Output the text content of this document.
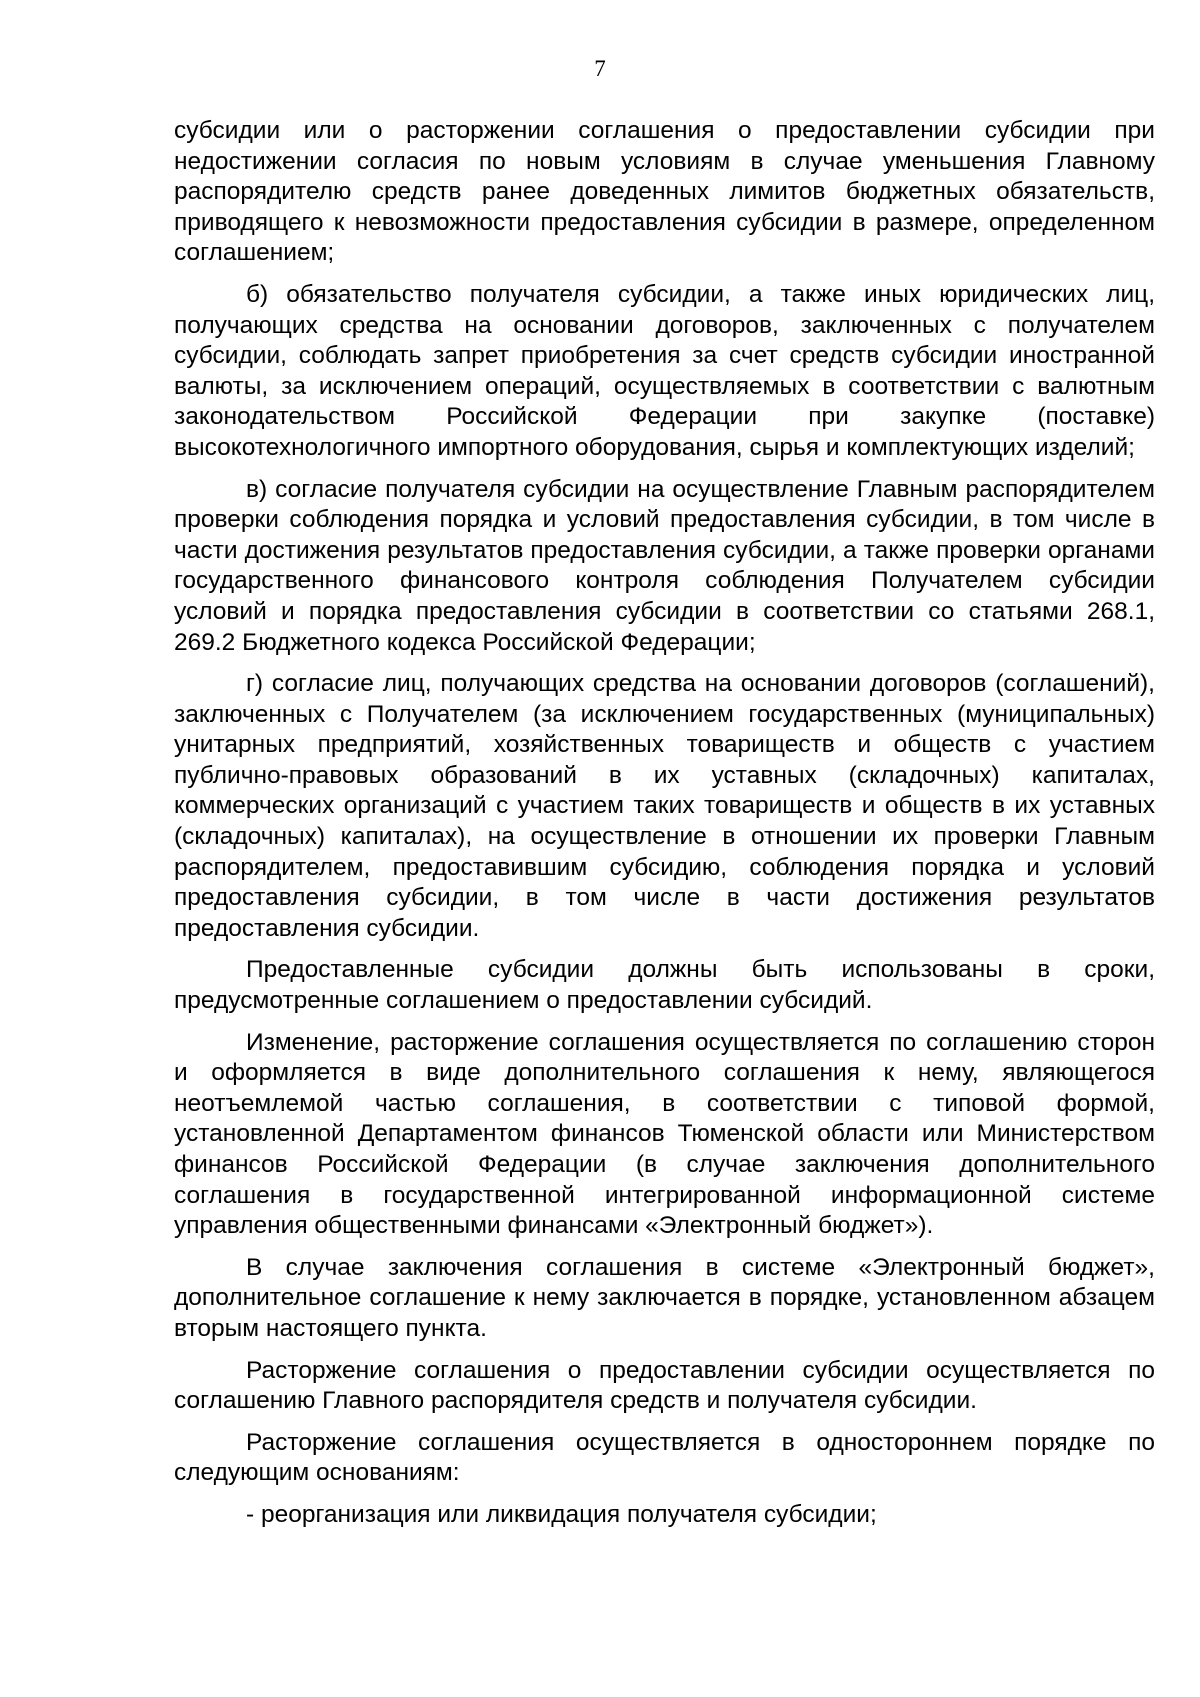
7

субсидии или о расторжении соглашения о предоставлении субсидии при недостижении согласия по новым условиям в случае уменьшения Главному распорядителю средств ранее доведенных лимитов бюджетных обязательств, приводящего к невозможности предоставления субсидии в размере, определенном соглашением;

б) обязательство получателя субсидии, а также иных юридических лиц, получающих средства на основании договоров, заключенных с получателем субсидии, соблюдать запрет приобретения за счет средств субсидии иностранной валюты, за исключением операций, осуществляемых в соответствии с валютным законодательством Российской Федерации при закупке (поставке) высокотехнологичного импортного оборудования, сырья и комплектующих изделий;

в) согласие получателя субсидии на осуществление Главным распорядителем проверки соблюдения порядка и условий предоставления субсидии, в том числе в части достижения результатов предоставления субсидии, а также проверки органами государственного финансового контроля соблюдения Получателем субсидии условий и порядка предоставления субсидии в соответствии со статьями 268.1, 269.2 Бюджетного кодекса Российской Федерации;

г) согласие лиц, получающих средства на основании договоров (соглашений), заключенных с Получателем (за исключением государственных (муниципальных) унитарных предприятий, хозяйственных товариществ и обществ с участием публично-правовых образований в их уставных (складочных) капиталах, коммерческих организаций с участием таких товариществ и обществ в их уставных (складочных) капиталах), на осуществление в отношении их проверки Главным распорядителем, предоставившим субсидию, соблюдения порядка и условий предоставления субсидии, в том числе в части достижения результатов предоставления субсидии.

Предоставленные субсидии должны быть использованы в сроки, предусмотренные соглашением о предоставлении субсидий.

Изменение, расторжение соглашения осуществляется по соглашению сторон и оформляется в виде дополнительного соглашения к нему, являющегося неотъемлемой частью соглашения, в соответствии с типовой формой, установленной Департаментом финансов Тюменской области или Министерством финансов Российской Федерации (в случае заключения дополнительного соглашения в государственной интегрированной информационной системе управления общественными финансами «Электронный бюджет»).

В случае заключения соглашения в системе «Электронный бюджет», дополнительное соглашение к нему заключается в порядке, установленном абзацем вторым настоящего пункта.

Расторжение соглашения о предоставлении субсидии осуществляется по соглашению Главного распорядителя средств и получателя субсидии.

Расторжение соглашения осуществляется в одностороннем порядке по следующим основаниям:

- реорганизация или ликвидация получателя субсидии;
